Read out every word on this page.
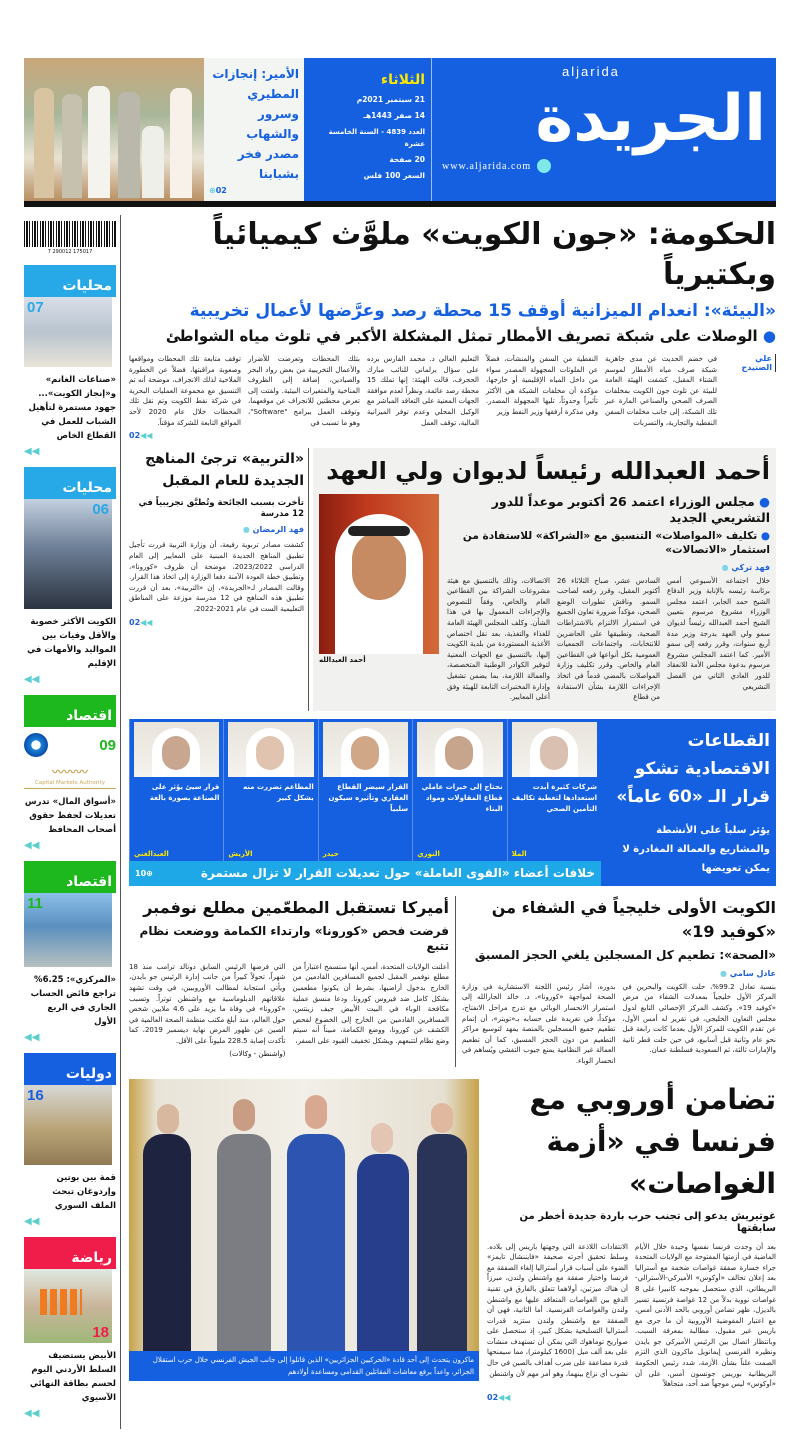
aljarida
الجريدة
www.aljarida.com
الثلاثاء
21 سبتمبر 2021م
14 صفر 1443هـ
العدد 4839 - السنة الخامسة عشرة
20 صفحة
السعر 100 فلس
الأمير: إنجازات المطيري وسرور والشهاب مصدر فخر بشبابنا
⊕02
الحكومة: «جون الكويت» ملوَّث كيميائياً وبكتيرياً
«البيئة»: انعدام الميزانية أوقف 15 محطة رصد وعرَّضها لأعمال تخريبية
● الوصلات على شبكة تصريف الأمطار تمثل المشكلة الأكبر في تلوث مياه الشواطئ
علي الصنيدح
في خضم الحديث عن مدى جاهزية شبكة صرف مياه الأمطار لموسم الشتاء المقبل، كشفت الهيئة العامة للبيئة عن تلوث جون الكويت بمخلفات الصرف الصحي والصناعي المارة عبر تلك الشبكة، إلى جانب مخلفات السفن النفطية والتجارية، والتسربات
النفطية من السفن والمنشآت، فضلاً عن الملوثات المجهولة المصدر سواء من داخل المياه الإقليمية أو خارجها، مؤكدة أن مخلفات الشبكة هي الأكثر تأثيراً وحدوثاً، تليها المجهولة المصدر. وفي مذكرة أرفقها وزير النفط وزير
التعليم العالي د. محمد الفارس برده على سؤال برلماني للنائب مبارك الحجرف، قالت الهيئة: إنها تملك 15 محطة رصد عائمة، ونظراً لعدم موافقة الجهات المعنية على التعاقد المباشر مع الوكيل المحلي وعدم توفر الميزانية المالية، توقف العمل
بتلك المحطات وتعرضت للأضرار والأعمال التخريبية من بعض رواد البحر والصيادين، إضافة إلى الظروف المناخية والمتغيرات البيئية. ولفتت إلى تعرض محطتين للانجراف عن موقعهما، وتوقف العمل ببرامج "Software"، وهو ما تسبب في
توقف متابعة تلك المحطات ومواقعها وصعوبة مراقبتها، فضلاً عن الخطورة الملاحية لذلك الانجراف، موضحة أنه تم التنسيق مع مجموعة العمليات البحرية في شركة نفط الكويت وتم نقل تلك المحطات خلال عام 2020 لأحد المواقع التابعة للشركة مؤقتاً.
02◀◀
أحمد العبدالله رئيساً لديوان ولي العهد
● مجلس الوزراء اعتمد 26 أكتوبر موعداً للدور التشريعي الجديد
● تكليف «المواصلات» التنسيق مع «الشراكة» للاستفادة من استثمار «الاتصالات»
فهد تركي ●
خلال اجتماعه الأسبوعي أمس برئاسة رئيسه بالإنابة وزير الدفاع الشيخ حمد الجابر، اعتمد مجلس الوزراء مشروع مرسوم بتعيين الشيخ أحمد العبدالله رئيساً لديوان سمو ولي العهد بدرجة وزير مدة أربع سنوات، وقرر رفعه إلى سمو الأمير. كما اعتمد المجلس مشروع مرسوم بدعوة مجلس الأمة للانعقاد للدور العادي الثاني من الفصل التشريعي
السادس عشر، صباح الثلاثاء 26 أكتوبر المقبل، وقرر رفعه لصاحب السمو. وناقش تطورات الوضع الصحي، مؤكداً ضرورة تعاون الجميع في استمرار الالتزام بالاشتراطات الصحية، وتطبيقها على الحاضرين للانتخابات، واجتماعات الجمعيات العمومية بكل أنواعها في القطاعين العام والخاص. وقرر تكليف وزارة المواصلات بالمضي قدماً في اتخاذ الإجراءات اللازمة بشأن الاستفادة من قطاع
الاتصالات، وذلك بالتنسيق مع هيئة مشروعات الشراكة بين القطاعين العام والخاص، وفقاً للنصوص والإجراءات المعمول بها في هذا الشأن. وكلف المجلس الهيئة العامة للغذاء والتغذية، بعد نقل اختصاص الأغذية المستوردة من بلدية الكويت إليها، بالتنسيق مع الجهات المعنية لتوفير الكوادر الوطنية المتخصصة، والعمالة اللازمة، بما يضمن تشغيل وإدارة المختبرات التابعة للهيئة وفق أعلى المعايير.
أحمد العبدالله
«التربية» ترجئ المناهج الجديدة للعام المقبل
تأخرت بسبب الجائحة وتُطبَّق تجريبياً في 12 مدرسة
فهد الرمضان ●
كشفت مصادر تربوية رفيعة، أن وزارة التربية قررت تأجيل تطبيق المناهج الجديدة المبنية على المعايير إلى العام الدراسي 2023/2022، موضحة أن ظروف «كورونا»، وتطبيق خطة العودة الآمنة دفعا الوزارة إلى اتخاذ هذا القرار. وقالت المصادر لـ«الجريدة»، إن «التربية»، بعد أن قررت تطبيق هذه المناهج في 12 مدرسة موزعة على المناطق التعليمية الست في عام 2021-2022،
02◀◀
القطاعات الاقتصادية تشكو قرار الـ «60 عاماً»
يؤثر سلباً على الأنشطة والمشاريع والعمالة المغادرة لا يمكن تعويضها
شركات كثيرة أبدت استعدادها لتغطية تكاليف التأمين الصحي
الملا
نحتاج إلى خبرات عاملي قطاع المقاولات ومواد البناء
النوري
القرار سيضر القطاع العقاري وتأثيره سيكون سلبياً
حيدر
المطاعم تضررت منه بشكل كبير
الأربش
قرار سيئ يؤثر على الصناعة بصورة بالغة
العبدالغني
خلافات أعضاء «القوى العاملة» حول تعديلات القرار لا تزال مستمرة
10⊕
الكويت الأولى خليجياً في الشفاء من «كوفيد 19»
«الصحة»: تطعيم كل المسجلين يلغي الحجز المسبق
عادل سامي ●
بنسبة تعادل 99.2%، حلت الكويت والبحرين في المركز الأول خليجياً بمعدلات الشفاء من مرض «كوفيد 19». وكشف المركز الإحصائي التابع لدول مجلس التعاون الخليجي، في تقرير له أمس الأول، عن تقدم الكويت للمركز الأول بعدما كانت رابعة قبل نحو عام وثانية قبل أسابيع، في حين حلت قطر ثانية والإمارات ثالثة، ثم السعودية فسلطنة عمان.
بدوره، أشار رئيس اللجنة الاستشارية في وزارة الصحة لمواجهة «كورونا»، د. خالد الجارالله إلى استمرار الانحسار الوبائي مع تدرج مراحل الانفتاح، مؤكداً، في تغريدة على حسابه بـ«تويتر»، أن إتمام تطعيم جميع المسجلين بالمنصة يمهد لتوسيع مراكز التطعيم من دون الحجز المسبق، كما أن تطعيم العمالة غير النظامية يمنع جيوب التفشي ويُساهم في انحسار الوباء.
أميركا تستقبل المطعّمين مطلع نوفمبر
فرضت فحص «كورونا» وارتداء الكمامة ووضعت نظام تتبع
أعلنت الولايات المتحدة، أمس، أنها ستسمح اعتباراً من مطلع نوفمبر المقبل لجميع المسافرين القادمين من الخارج بدخول أراضيها، بشرط أن يكونوا مطعمين بشكل كامل ضد فيروس كورونا. ودعا منسق عملية مكافحة الوباء في البيت الأبيض جيف زينتس، المسافرين القادمين من الخارج إلى الخضوع لفحص الكشف عن كورونا، ووضع الكمامة، مبيناً أنه سيتم وضع نظام لتتبعهم. ويشكل تخفيف القيود على السفر،
التي فرضها الرئيس السابق دونالد ترامب منذ 18 شهراً، تحولاً كبيراً من جانب إدارة الرئيس جو بايدن، ويأتي استجابة لمطالب الأوروبيين، في وقت تشهد علاقاتهم الدبلوماسية مع واشنطن توتراً. وتسبب «كورونا» في وفاة ما يزيد على 4.6 ملايين شخص حول العالم، منذ أبلغ مكتب منظمة الصحة العالمية في الصين عن ظهور المرض نهاية ديسمبر 2019، كما تأكدت إصابة 228.5 مليوناً على الأقل.
(واشنطن - وكالات)
تضامن أوروبي مع فرنسا في «أزمة الغواصات»
غوتيريش يدعو إلى تجنب حرب باردة جديدة أخطر من سابقتها
بعد أن وجدت فرنسا نفسها وحيدة خلال الأيام الماضية في أزمتها المفتوحة مع الولايات المتحدة جراء خسارة صفقة غواصات ضخمة مع أستراليا بعد إعلان تحالف «أوكوس» الأميركي-الأسترالي-البريطاني، الذي ستحصل بموجبه كانبيرا على 8 غواصات نووية بدلاً من 12 غواصة فرنسية تسير بالديزل، ظهر تضامن أوروبي بالحد الأدنى أمس، مع اعتبار المفوضية الأوروبية أن ما جرى مع باريس غير مقبول، مطالبة بمعرفة السبب. وبانتظار اتصال بين الرئيس الأميركي جو بايدن ونظيره الفرنسي إيمانويل ماكرون الذي التزم الصمت علناً بشأن الأزمة، شدد رئيس الحكومة البريطانية بوريس جونسون أمس، على أن «أوكوس» ليس موجهاً ضد أحد، متجاهلاً
الانتقادات اللاذعة التي وجهتها باريس إلى بلاده. وسلط تحقيق أجرته صحيفة «فايننشال تايمز» الضوء على أسباب قرار أستراليا إلغاء الصفقة مع فرنسا واختيار صفقة مع واشنطن ولندن، مبرزاً أن هناك ميزتين، أولاهما تتعلق بالفارق في تقنية الدفع بين الغواصات المتعاقد عليها مع واشنطن ولندن والغواصات الفرنسية. أما الثانية، فهي أن الصفقة مع واشنطن ولندن ستزيد قدرات أستراليا التسليحية بشكل كبير، إذ ستحصل على صواريخ توماهوك التي يمكن أن تستهدف منشآت على بعد ألف ميل (1600 كيلومتر)، مما سيمنحها قدرة مضاعفة على ضرب أهداف بالصين في حال نشوب أي نزاع بينهما، وهو أمر مهم لأن واشنطن
02◀◀
ماكرون يتحدث إلى أحد قادة «الحركيين الجزائريين» الذين قاتلوا إلى جانب الجيش الفرنسي خلال حرب استقلال الجزائر، واعداً برفع معاشات المقاتلين القدامى ومساعدة أولادهم
7 290012 175017
محليات
07
«صناعات الغانم» و«إنجاز الكويت»... جهود مستمرة لتأهيل الشباب للعمل في القطاع الخاص
◀◀
محليات
06
الكويت الأكثر خصوبة والأقل وفيات بين المواليد والأمهات في الإقليم
◀◀
اقتصاد
09
〰〰〰
Capital Markets Authority
«أسواق المال» تدرس تعديلات لحفظ حقوق أصحاب المحافظ
◀◀
اقتصاد
11
«المركزي»: 6.25% تراجع فائض الحساب الجاري في الربع الأول
◀◀
دوليات
16
قمة بين بوتين وإردوغان تبحث الملف السوري
◀◀
رياضة
18
الأبيض يستضيف السلط الأردني اليوم لحسم بطاقة النهائي الآسيوي
◀◀
